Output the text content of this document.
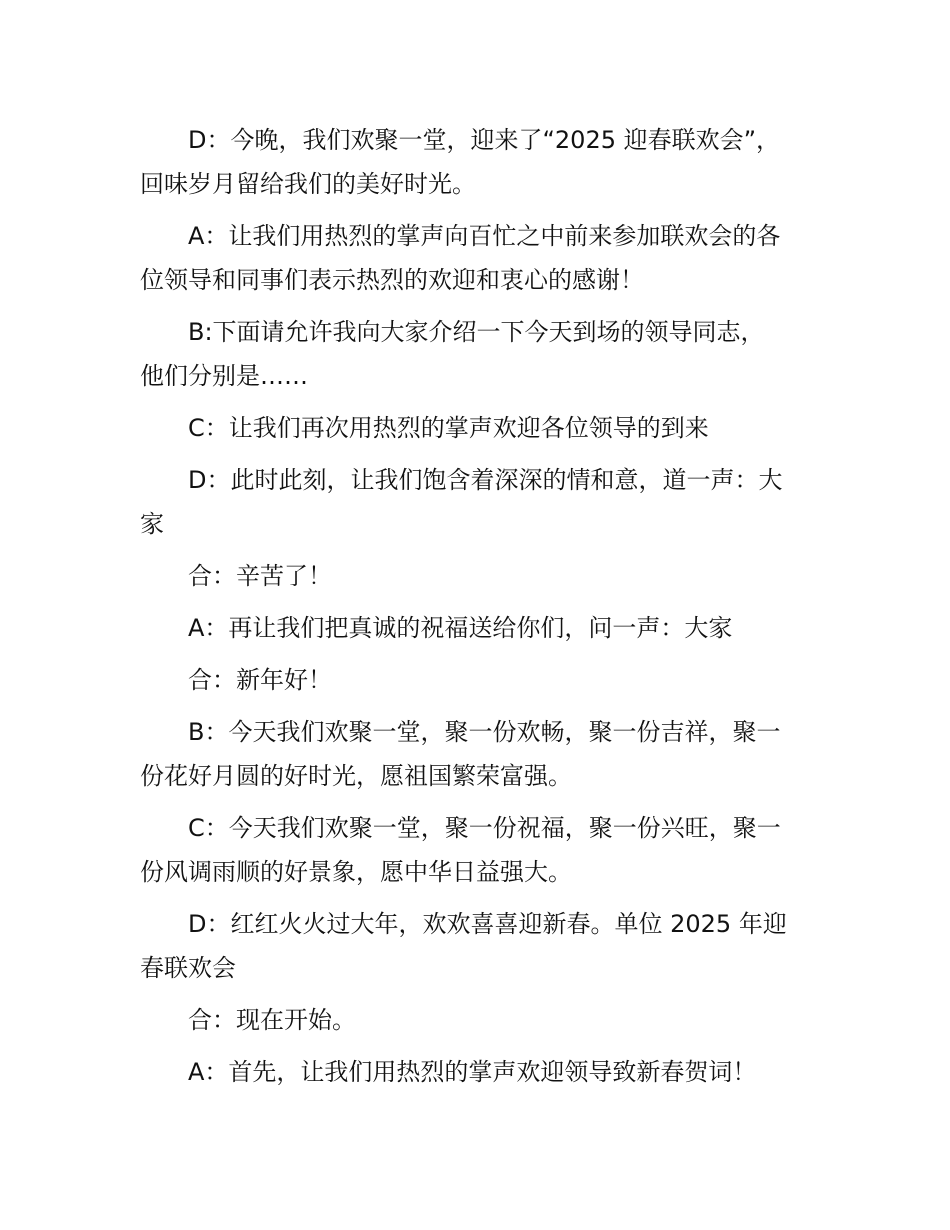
D：今晚，我们欢聚一堂，迎来了“2025 迎春联欢会”，
回味岁月留给我们的美好时光。

A：让我们用热烈的掌声向百忙之中前来参加联欢会的各
位领导和同事们表示热烈的欢迎和衷心的感谢！

B:下面请允许我向大家介绍一下今天到场的领导同志，
他们分别是……

C：让我们再次用热烈的掌声欢迎各位领导的到来

D：此时此刻，让我们饱含着深深的情和意，道一声：大
家

合：辛苦了！

A：再让我们把真诚的祝福送给你们，问一声：大家

合：新年好！

B：今天我们欢聚一堂，聚一份欢畅，聚一份吉祥，聚一
份花好月圆的好时光，愿祖国繁荣富强。

C：今天我们欢聚一堂，聚一份祝福，聚一份兴旺，聚一
份风调雨顺的好景象，愿中华日益强大。

D：红红火火过大年，欢欢喜喜迎新春。单位 2025 年迎
春联欢会

合：现在开始。

A：首先，让我们用热烈的掌声欢迎领导致新春贺词！
